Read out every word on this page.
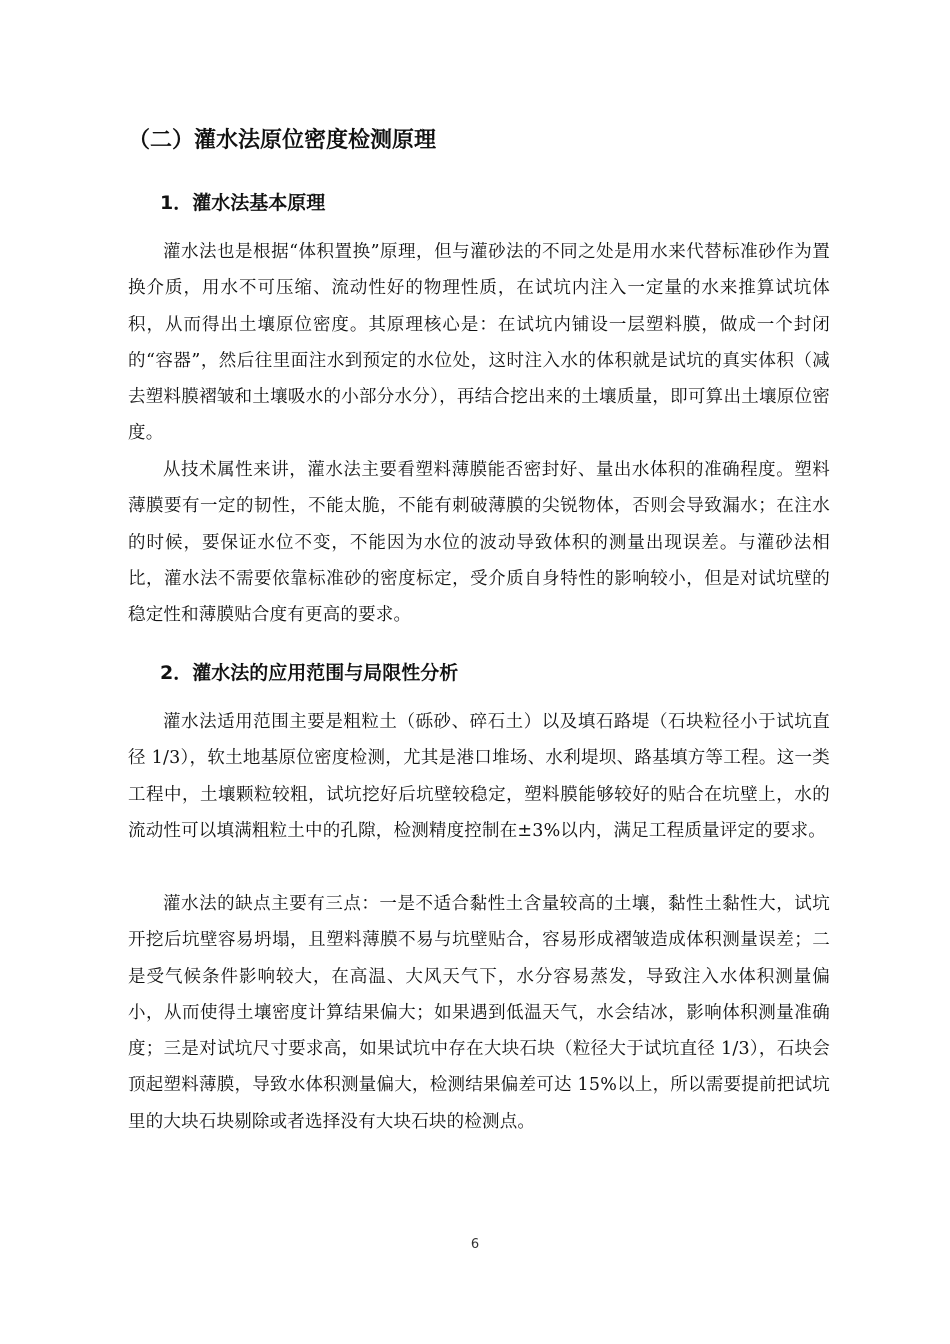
（二）灌水法原位密度检测原理
1．灌水法基本原理

灌水法也是根据“体积置换”原理，但与灌砂法的不同之处是用水来代替标准砂作为置换介质，用水不可压缩、流动性好的物理性质，在试坑内注入一定量的水来推算试坑体积，从而得出土壤原位密度。其原理核心是：在试坑内铺设一层塑料膜，做成一个封闭的“容器”，然后往里面注水到预定的水位处，这时注入水的体积就是试坑的真实体积（减去塑料膜褶皱和土壤吸水的小部分水分），再结合挖出来的土壤质量，即可算出土壤原位密度。

从技术属性来讲，灌水法主要看塑料薄膜能否密封好、量出水体积的准确程度。塑料薄膜要有一定的韧性，不能太脆，不能有刺破薄膜的尖锐物体，否则会导致漏水；在注水的时候，要保证水位不变，不能因为水位的波动导致体积的测量出现误差。与灌砂法相比，灌水法不需要依靠标准砂的密度标定，受介质自身特性的影响较小，但是对试坑壁的稳定性和薄膜贴合度有更高的要求。

2．灌水法的应用范围与局限性分析

灌水法适用范围主要是粗粒土（砾砂、碎石土）以及填石路堤（石块粒径小于试坑直径 1/3），软土地基原位密度检测，尤其是港口堆场、水利堤坝、路基填方等工程。这一类工程中，土壤颗粒较粗，试坑挖好后坑壁较稳定，塑料膜能够较好的贴合在坑壁上，水的流动性可以填满粗粒土中的孔隙，检测精度控制在±3%以内，满足工程质量评定的要求。

灌水法的缺点主要有三点：一是不适合黏性土含量较高的土壤，黏性土黏性大，试坑开挖后坑壁容易坍塌，且塑料薄膜不易与坑壁贴合，容易形成褶皱造成体积测量误差；二是受气候条件影响较大，在高温、大风天气下，水分容易蒸发，导致注入水体积测量偏小，从而使得土壤密度计算结果偏大；如果遇到低温天气，水会结冰，影响体积测量准确度；三是对试坑尺寸要求高，如果试坑中存在大块石块（粒径大于试坑直径 1/3），石块会顶起塑料薄膜，导致水体积测量偏大，检测结果偏差可达 15%以上，所以需要提前把试坑里的大块石块剔除或者选择没有大块石块的检测点。

6
